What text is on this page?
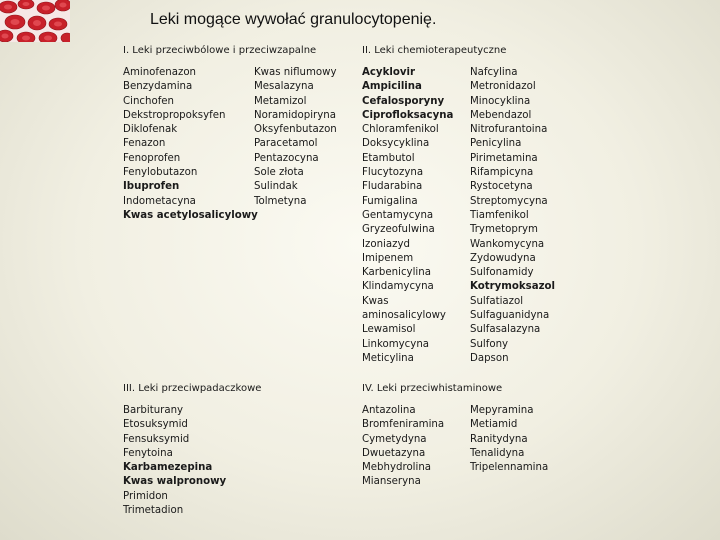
Leki mogące wywołać granulocytopenię.
I. Leki przeciwbólowe i przeciwzapalne
Aminofenazon
Benzydamina
Cinchofen
Dekstropropoksyfen
Diklofenak
Fenazon
Fenoprofen
Fenylobutazon
Ibuprofen
Indometacyna
Kwas acetylosalicylowy
Kwas niflumowy
Mesalazyna
Metamizol
Noramidopiryna
Oksyfenbutazon
Paracetamol
Pentazocyna
Sole złota
Sulindak
Tolmetyna
II. Leki chemioterapeutyczne
Acyklovir
Ampicilina
Cefalosporyny
Ciprofloksacyna
Chloramfenikol
Doksycyklina
Etambutol
Flucytozyna
Fludarabina
Fumigalina
Gentamycyna
Gryzeofulwina
Izoniazyd
Imipenem
Karbenicylina
Klindamycyna
Kwas
aminosalicylowy
Lewamisol
Linkomycyna
Meticylina
Nafcylina
Metronidazol
Minocyklina
Mebendazol
Nitrofurantoina
Penicylina
Pirimetamina
Rifampicyna
Rystocetyna
Streptomycyna
Tiamfenikol
Trymetoprym
Wankomycyna
Zydowudyna
Sulfonamidy
Kotrymoksazol
Sulfatiazol
Sulfaguanidyna
Sulfasalazyna
Sulfony
Dapson
III. Leki przeciwpadaczkowe
Barbiturany
Etosuksymid
Fensuksymid
Fenytoina
Karbamezepina
Kwas walpronowy
Primidon
Trimetadion
IV. Leki przeciwhistaminowe
Antazolina
Bromfeniramina
Cymetydyna
Dwuetazyna
Mebhydrolina
Mianseryna
Mepyramina
Metiamid
Ranitydyna
Tenalidyna
Tripelennamina
